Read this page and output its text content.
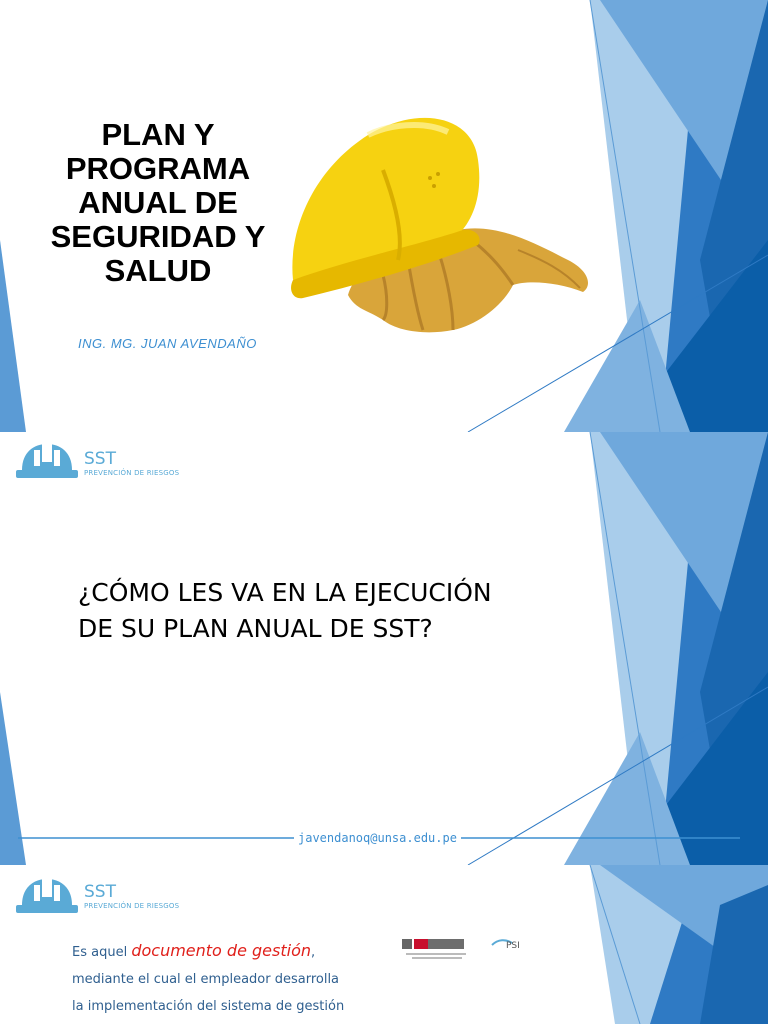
PLAN Y
PROGRAMA
ANUAL DE
SEGURIDAD Y
SALUD
ING. MG. JUAN AVENDAÑO
SST
PREVENCIÓN DE RIESGOS
¿CÓMO LES VA EN LA EJECUCIÓN
DE SU PLAN ANUAL DE SST?
javendanoq@unsa.edu.pe
SST
PREVENCIÓN DE RIESGOS
Es aquel documento de gestión,
mediante el cual el empleador desarrolla
la implementación del sistema de gestión
PSI
